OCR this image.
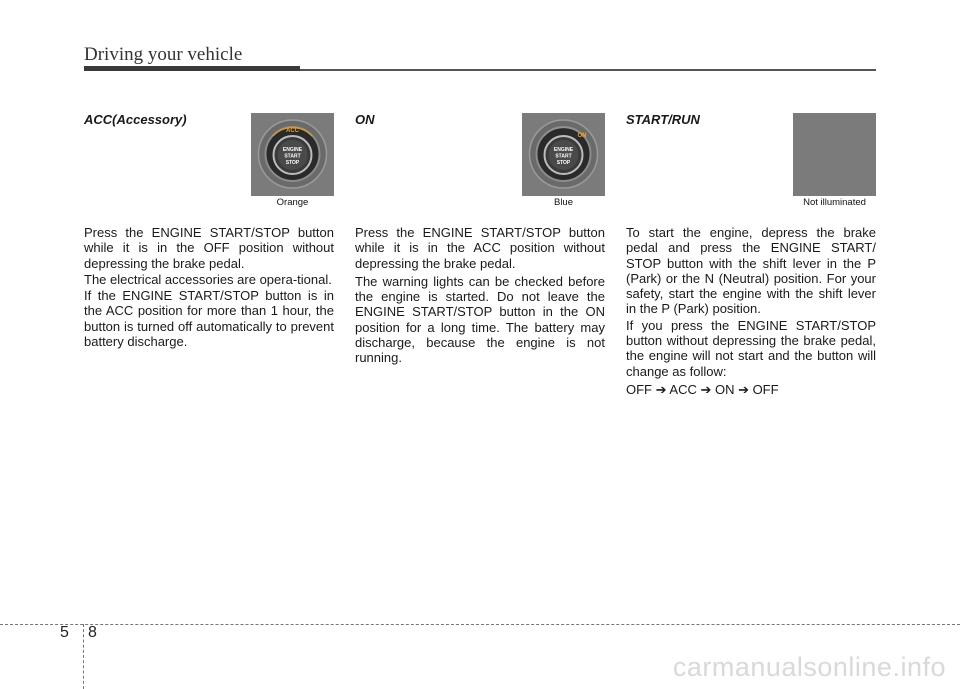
Driving your vehicle
ACC(Accessory)
ACC
ENGINE
START
STOP
Orange

Press the ENGINE START/STOP button while it is in the OFF position without depressing the brake pedal.

The electrical accessories are opera-tional.

If the ENGINE START/STOP button is in the ACC position for more than 1 hour, the button is turned off automatically to prevent battery discharge.

ON
ON
ENGINE
START
STOP
Blue

Press the ENGINE START/STOP button while it is in the ACC position without depressing the brake pedal.

The warning lights can be checked before the engine is started. Do not leave the ENGINE START/STOP button in the ON position for a long time. The battery may discharge, because the engine is not running.

START/RUN
Not illuminated

To start the engine, depress the brake pedal and press the ENGINE START/ STOP button with the shift lever in the P (Park) or the N (Neutral) position. For your safety, start the engine with the shift lever in the P (Park) position.

If you press the ENGINE START/STOP button without depressing the brake pedal, the engine will not start and the button will change as follow:

OFF ➔ ACC ➔ ON ➔ OFF

5 8
carmanualsonline.info
